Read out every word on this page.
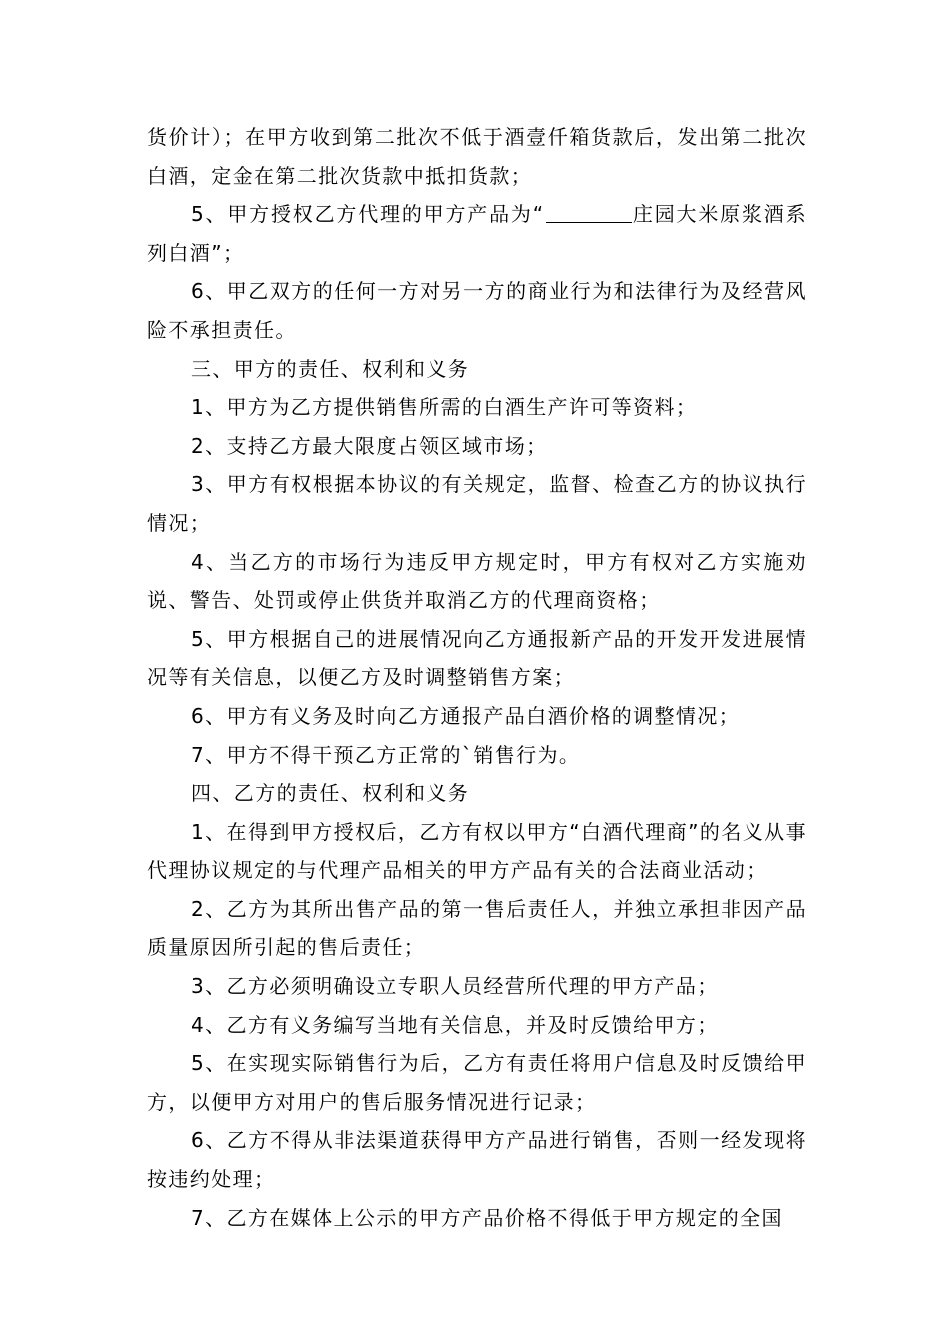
货价计）；在甲方收到第二批次不低于酒壹仟箱货款后，发出第二批次白酒，定金在第二批次货款中抵扣货款；

5、甲方授权乙方代理的甲方产品为“	庄园大米原浆酒系列白酒”；

6、甲乙双方的任何一方对另一方的商业行为和法律行为及经营风险不承担责任。

三、甲方的责任、权利和义务

1、甲方为乙方提供销售所需的白酒生产许可等资料；

2、支持乙方最大限度占领区域市场；

3、甲方有权根据本协议的有关规定，监督、检查乙方的协议执行情况；

4、当乙方的市场行为违反甲方规定时，甲方有权对乙方实施劝说、警告、处罚或停止供货并取消乙方的代理商资格；

5、甲方根据自己的进展情况向乙方通报新产品的开发开发进展情况等有关信息，以便乙方及时调整销售方案；

6、甲方有义务及时向乙方通报产品白酒价格的调整情况；

7、甲方不得干预乙方正常的`销售行为。

四、乙方的责任、权利和义务

1、在得到甲方授权后，乙方有权以甲方“白酒代理商”的名义从事代理协议规定的与代理产品相关的甲方产品有关的合法商业活动；

2、乙方为其所出售产品的第一售后责任人，并独立承担非因产品质量原因所引起的售后责任；

3、乙方必须明确设立专职人员经营所代理的甲方产品；

4、乙方有义务编写当地有关信息，并及时反馈给甲方；

5、在实现实际销售行为后，乙方有责任将用户信息及时反馈给甲方，以便甲方对用户的售后服务情况进行记录；

6、乙方不得从非法渠道获得甲方产品进行销售，否则一经发现将按违约处理；

7、乙方在媒体上公示的甲方产品价格不得低于甲方规定的全国
